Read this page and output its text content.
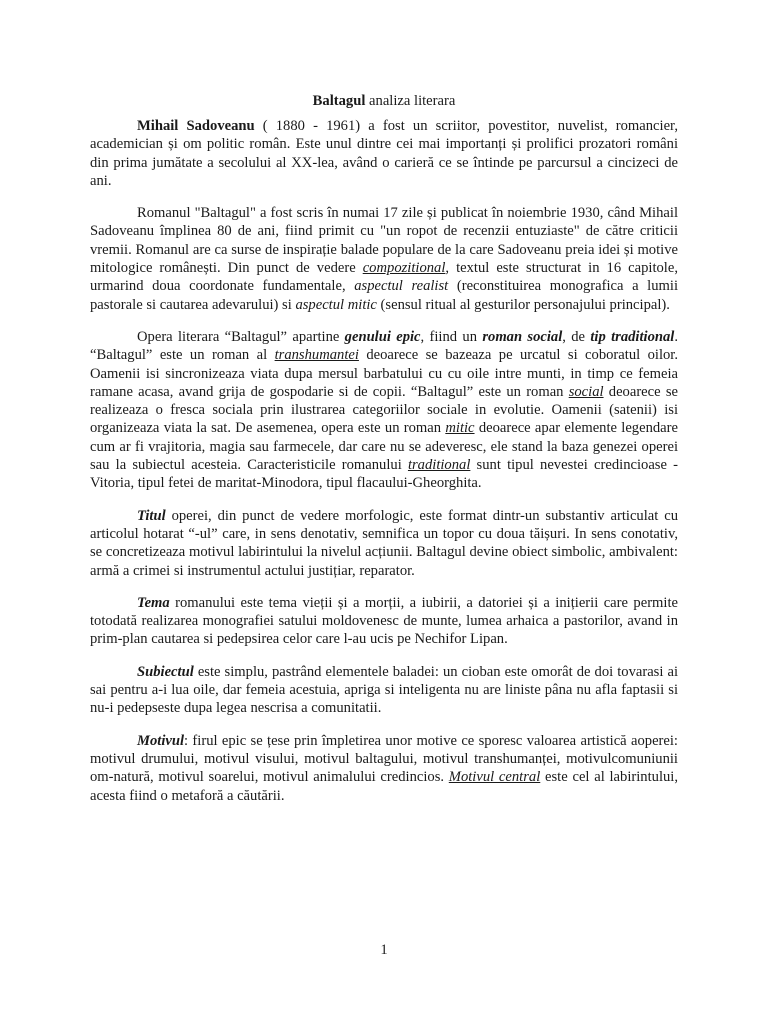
Baltagul analiza literara

Mihail Sadoveanu ( 1880 - 1961) a fost un scriitor, povestitor, nuvelist, romancier, academician și om politic român. Este unul dintre cei mai importanți și prolifici prozatori români din prima jumătate a secolului al XX-lea, având o carieră ce se întinde pe parcursul a cincizeci de ani.

Romanul "Baltagul" a fost scris în numai 17 zile și publicat în noiembrie 1930, când Mihail Sadoveanu împlinea 80 de ani, fiind primit cu "un ropot de recenzii entuziaste" de către criticii vremii. Romanul are ca surse de inspirație balade populare de la care Sadoveanu preia idei și motive mitologice românești. Din punct de vedere compozitional, textul este structurat in 16 capitole, urmarind doua coordonate fundamentale, aspectul realist (reconstituirea monografica a lumii pastorale si cautarea adevarului) si aspectul mitic (sensul ritual al gesturilor personajului principal).

Opera literara “Baltagul” apartine genului epic, fiind un roman social, de tip traditional. “Baltagul” este un roman al transhumantei deoarece se bazeaza pe urcatul si coboratul oilor. Oamenii isi sincronizeaza viata dupa mersul barbatului cu cu oile intre munti, in timp ce femeia ramane acasa, avand grija de gospodarie si de copii. “Baltagul” este un roman social deoarece se realizeaza o fresca sociala prin ilustrarea categoriilor sociale in evolutie. Oamenii (satenii) isi organizeaza viata la sat. De asemenea, opera este un roman mitic deoarece apar elemente legendare cum ar fi vrajitoria, magia sau farmecele, dar care nu se adeveresc, ele stand la baza genezei operei sau la subiectul acesteia. Caracteristicile romanului traditional sunt tipul nevestei credincioase - Vitoria, tipul fetei de maritat-Minodora, tipul flacaului-Gheorghita.

Titul operei, din punct de vedere morfologic, este format dintr-un substantiv articulat cu articolul hotarat “-ul” care, in sens denotativ, semnifica un topor cu doua tăișuri. In sens conotativ, se concretizeaza motivul labirintului la nivelul acțiunii. Baltagul devine obiect simbolic, ambivalent: armă a crimei si instrumentul actului justițiar, reparator.

Tema romanului este tema vieții și a morții, a iubirii, a datoriei și a inițierii care permite totodată realizarea monografiei satului moldovenesc de munte, lumea arhaica a pastorilor, avand in prim-plan cautarea si pedepsirea celor care l-au ucis pe Nechifor Lipan.

Subiectul este simplu, pastrând elementele baladei: un cioban este omorât de doi tovarasi ai sai pentru a-i lua oile, dar femeia acestuia, apriga si inteligenta nu are liniste pâna nu afla faptasii si nu-i pedepseste dupa legea nescrisa a comunitatii.

Motivul: firul epic se țese prin împletirea unor motive ce sporesc valoarea artistică aoperei: motivul drumului, motivul visului, motivul baltagului, motivul transhumanței, motivulcomuniunii om-natură, motivul soarelui, motivul animalului credincios. Motivul central este cel al labirintului, acesta fiind o metaforă a căutării.

1
